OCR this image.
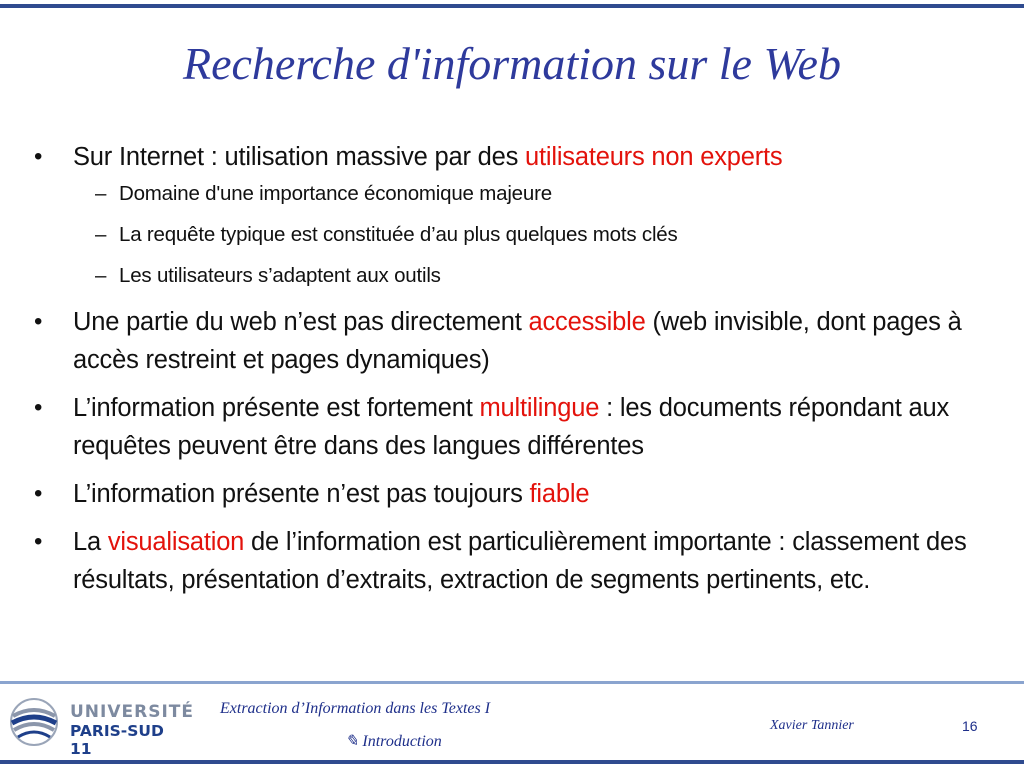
Recherche d'information sur le Web
• Sur Internet : utilisation massive par des utilisateurs non experts
– Domaine d'une importance économique majeure
– La requête typique est constituée d’au plus quelques mots clés
– Les utilisateurs s’adaptent aux outils
• Une partie du web n’est pas directement accessible (web invisible, dont pages à accès restreint et pages dynamiques)
• L’information présente est fortement multilingue : les documents répondant aux requêtes peuvent être dans des langues différentes
• L’information présente n’est pas toujours fiable
• La visualisation de l’information est particulièrement importante : classement des résultats, présentation d’extraits, extraction de segments pertinents, etc.
UNIVERSITÉ
PARIS-SUD 11
Extraction d’Information dans les Textes I
✎ Introduction
Xavier Tannier	16
